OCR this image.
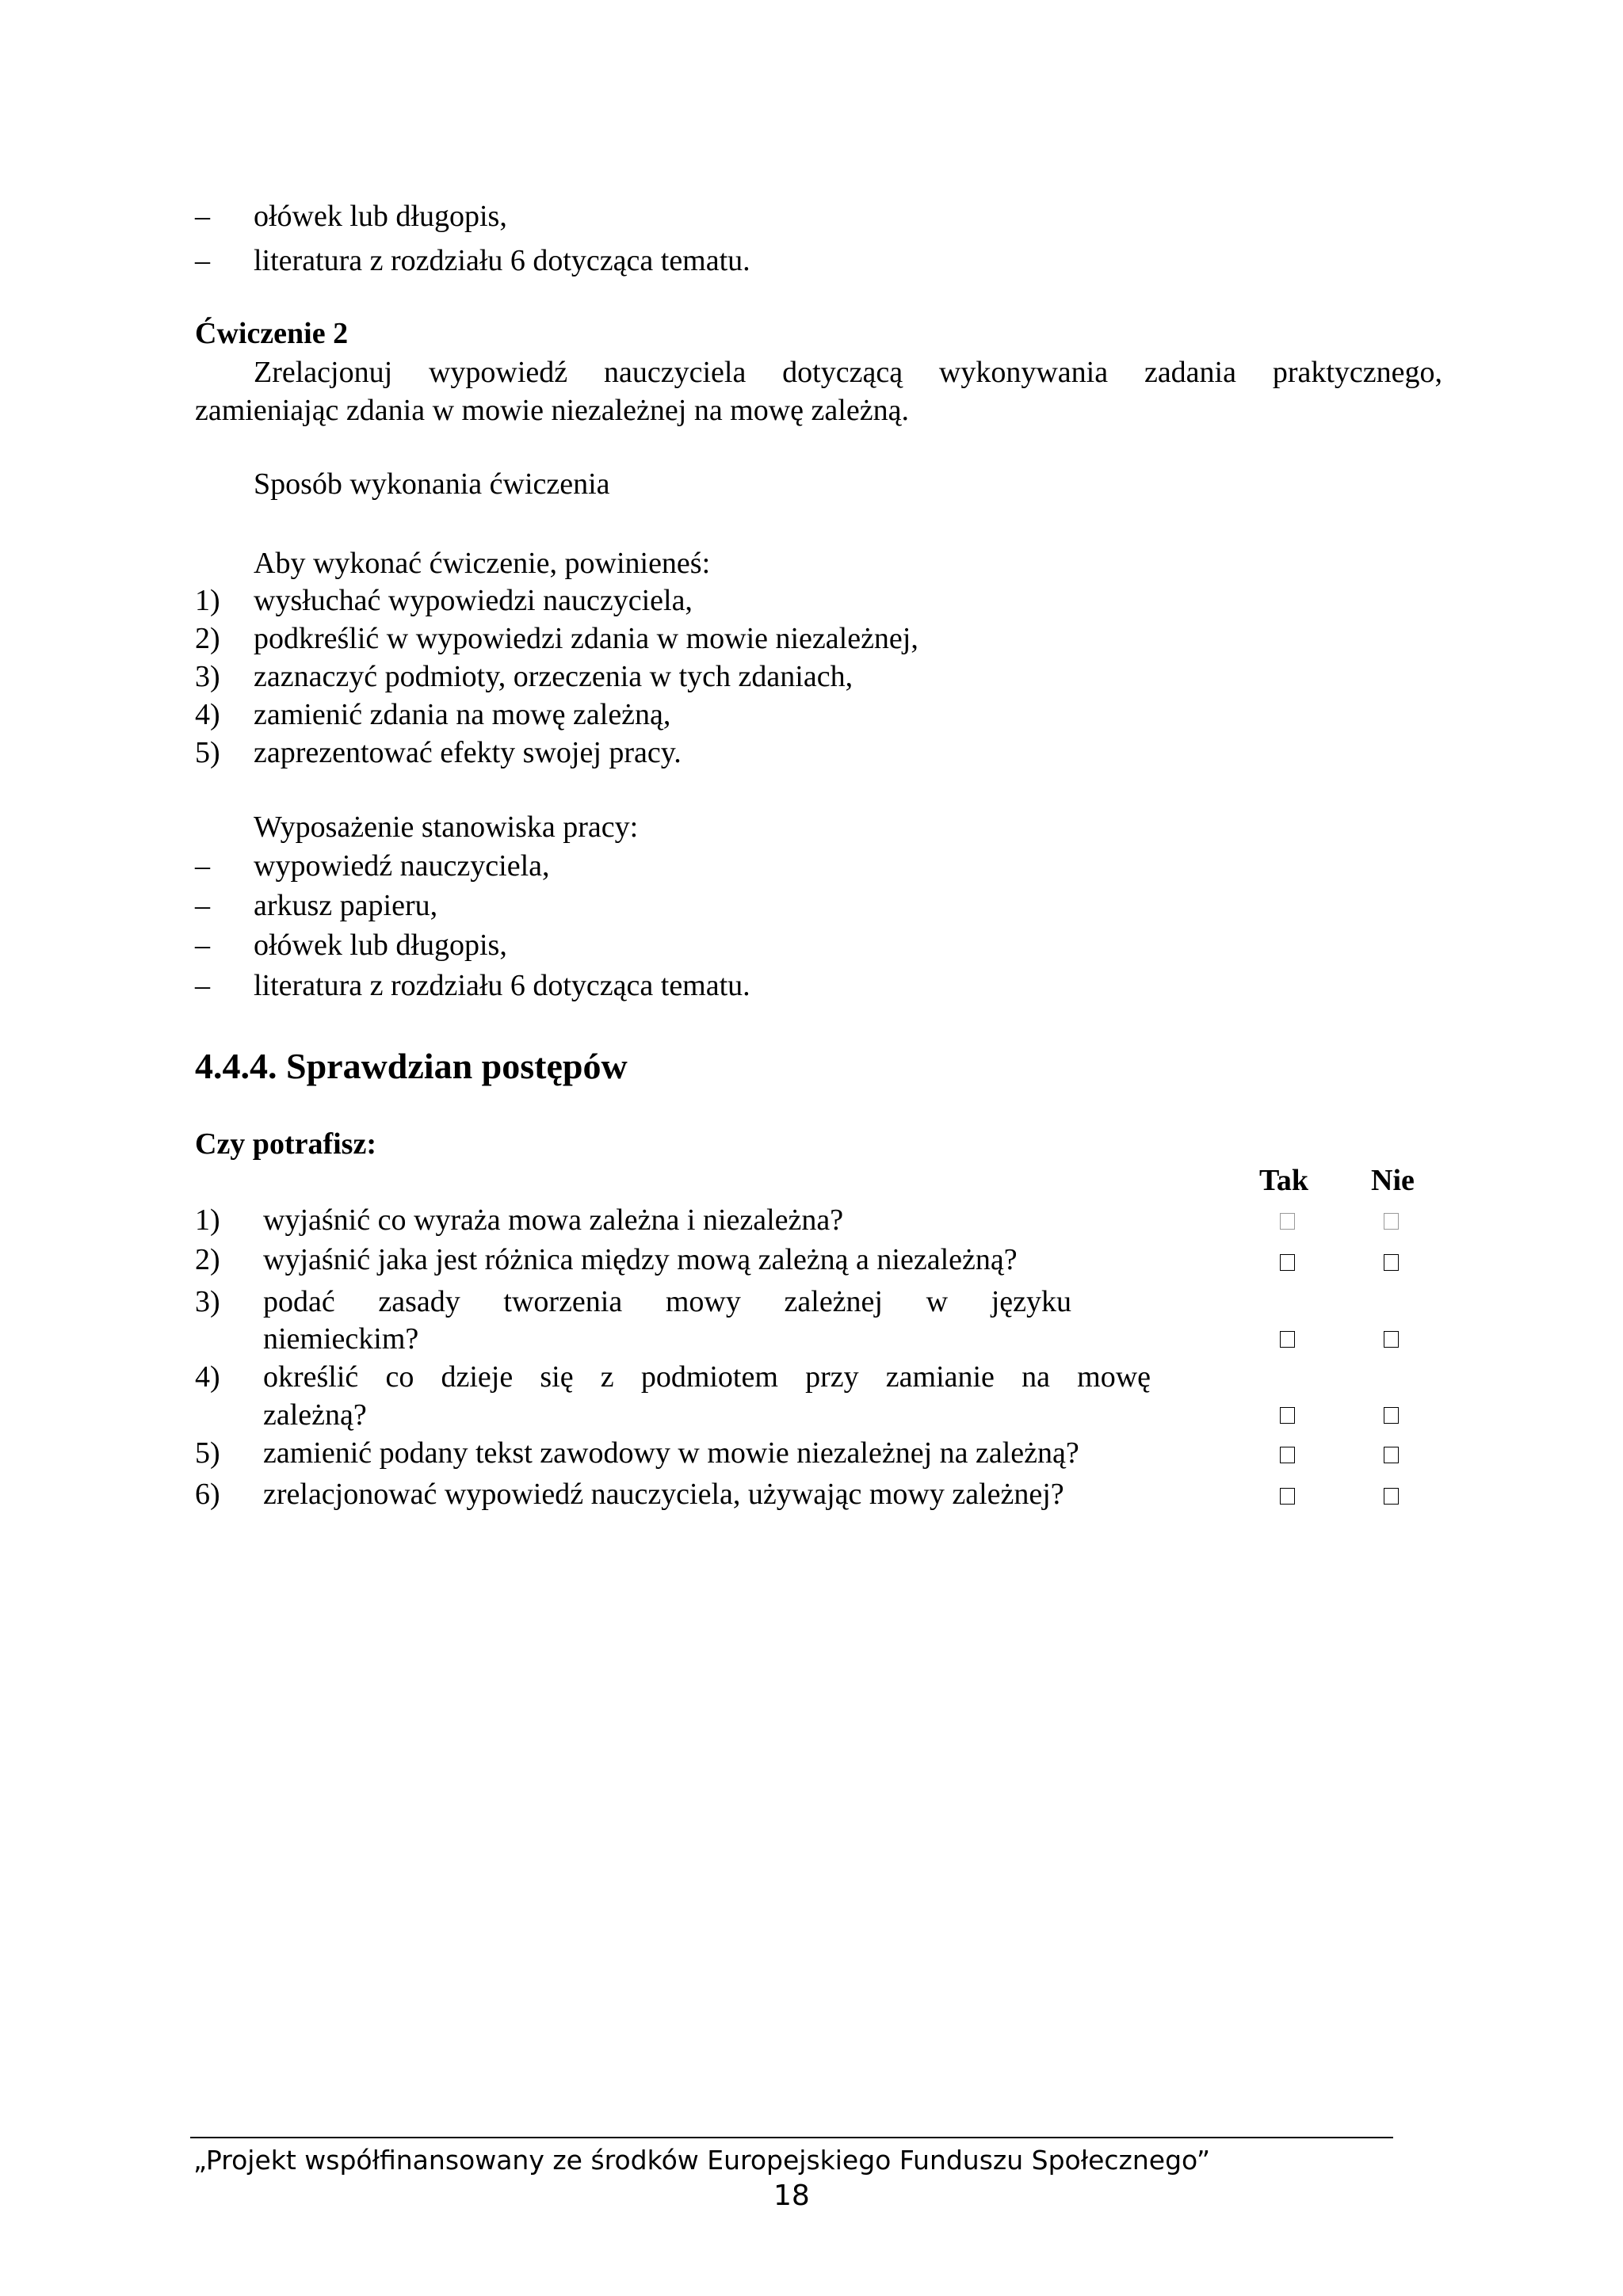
– ołówek lub długopis,
– literatura z rozdziału 6 dotycząca tematu.
Ćwiczenie 2
Zrelacjonuj wypowiedź nauczyciela dotyczącą wykonywania zadania praktycznego,
zamieniając zdania w mowie niezależnej na mowę zależną.
Sposób wykonania ćwiczenia
Aby wykonać ćwiczenie, powinieneś:
1) wysłuchać wypowiedzi nauczyciela,
2) podkreślić w wypowiedzi zdania w mowie niezależnej,
3) zaznaczyć podmioty, orzeczenia w tych zdaniach,
4) zamienić zdania na mowę zależną,
5) zaprezentować efekty swojej pracy.
Wyposażenie stanowiska pracy:
– wypowiedź nauczyciela,
– arkusz papieru,
– ołówek lub długopis,
– literatura z rozdziału 6 dotycząca tematu.
4.4.4. Sprawdzian postępów
Czy potrafisz:
Tak Nie
1) wyjaśnić co wyraża mowa zależna i niezależna?
2) wyjaśnić jaka jest różnica między mową zależną a niezależną?
3) podać zasady tworzenia mowy zależnej w języku
niemieckim?
4) określić co dzieje się z podmiotem przy zamianie na mowę
zależną?
5) zamienić podany tekst zawodowy w mowie niezależnej na zależną?
6) zrelacjonować wypowiedź nauczyciela, używając mowy zależnej?
„Projekt współfinansowany ze środków Europejskiego Funduszu Społecznego”
18
